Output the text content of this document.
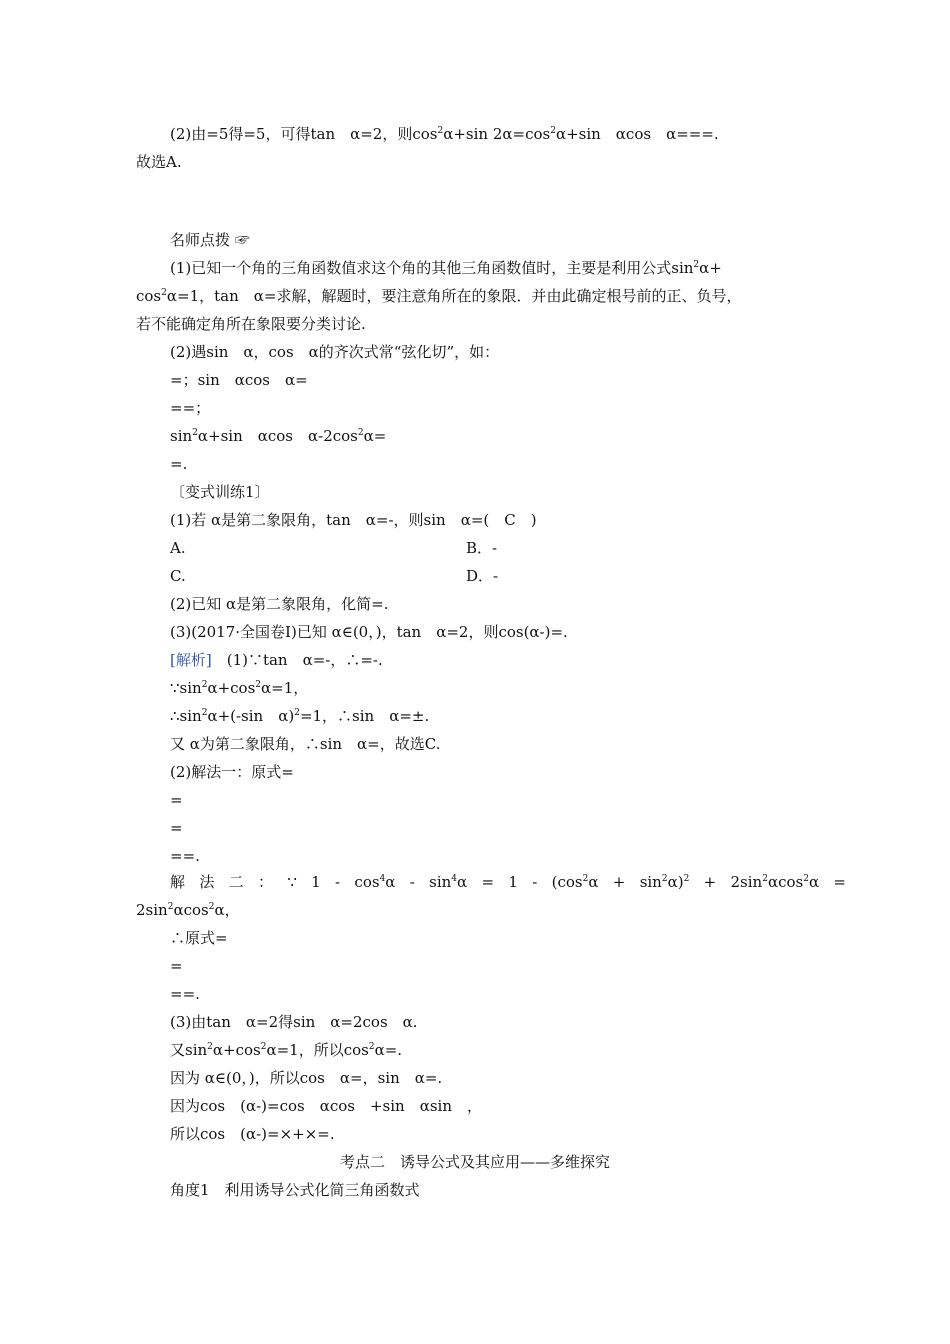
(2)由=5得=5，可得tan　α=2，则$\cos^2\alpha+\sin$ $2\alpha=\cos^2\alpha+\sin$　αcos　α===.
故选A.
名师点拨 ☞
(1)已知一个角的三角函数值求这个角的其他三角函数值时，主要是利用公式$\sin^2\alpha+$
$\cos^2\alpha=1$，tan　α=求解，解题时，要注意角所在的象限．并由此确定根号前的正、负号，
若不能确定角所在象限要分类讨论.
(2)遇sin　α，cos　α的齐次式常“弦化切”，如：
=；sin　αcos　α=
==；
$\sin^2\alpha+\sin$　αcos　$\alpha-2\cos^2\alpha=$
=.
〔变式训练1〕
(1)若 α是第二象限角，tan　α=-，则sin　α=(　C　)
A.	B．-
C.	D．-
(2)已知 α是第二象限角，化简=.
(3)(2017·全国卷Ⅰ)已知 α∈(0，)，tan　α=2，则cos(α-)=.
[解析]　(1)∵tan　α=-，∴=-.
$\because\sin^2\alpha+\cos^2\alpha=1$，
$\therefore\sin^2\alpha+(-\sin$　α)$^2$=1，∴sin　α=±.
又 α为第二象限角，∴sin　α=，故选C.
(2)解法一：原式=
=
=
==.
解 法 二 ： ∵ $1 - \cos^4\alpha - \sin^4\alpha = 1 - (\cos^2\alpha + \sin^2\alpha)^2 + 2\sin^2\alpha\cos^2\alpha$ =
$2\sin^2\alpha\cos^2\alpha$，
∴原式=
=
==.
(3)由tan　α=2得sin　α=2cos　α.
又$\sin^2\alpha+\cos^2\alpha=1$，所以$\cos^2\alpha=$.
因为 α∈(0，)，所以cos　α=，sin　α=.
因为cos　(α-)=cos　αcos　+sin　αsin　，
所以cos　(α-)=×+×=.
考点二　诱导公式及其应用——多维探究
角度1　利用诱导公式化简三角函数式
